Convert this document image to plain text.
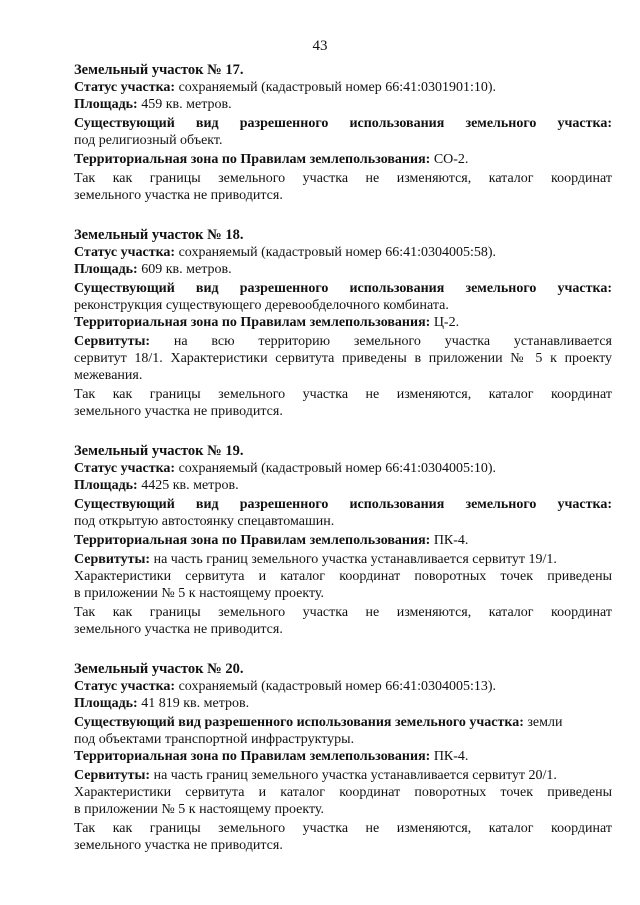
43
Земельный участок № 17.
Статус участка: сохраняемый (кадастровый номер 66:41:0301901:10).
Площадь: 459 кв. метров.
Существующий вид разрешенного использования земельного участка:
под религиозный объект.
Территориальная зона по Правилам землепользования: СО-2.
Так как границы земельного участка не изменяются, каталог координат
земельного участка не приводится.
Земельный участок № 18.
Статус участка: сохраняемый (кадастровый номер 66:41:0304005:58).
Площадь: 609 кв. метров.
Существующий вид разрешенного использования земельного участка:
реконструкция существующего деревообделочного комбината.
Территориальная зона по Правилам землепользования: Ц-2.
Сервитуты: на всю территорию земельного участка устанавливается
сервитут 18/1. Характеристики сервитута приведены в приложении № 5 к проекту
межевания.
Так как границы земельного участка не изменяются, каталог координат
земельного участка не приводится.
Земельный участок № 19.
Статус участка: сохраняемый (кадастровый номер 66:41:0304005:10).
Площадь: 4425 кв. метров.
Существующий вид разрешенного использования земельного участка:
под открытую автостоянку спецавтомашин.
Территориальная зона по Правилам землепользования: ПК-4.
Сервитуты: на часть границ земельного участка устанавливается сервитут 19/1.
Характеристики сервитута и каталог координат поворотных точек приведены
в приложении № 5 к настоящему проекту.
Так как границы земельного участка не изменяются, каталог координат
земельного участка не приводится.
Земельный участок № 20.
Статус участка: сохраняемый (кадастровый номер 66:41:0304005:13).
Площадь: 41 819 кв. метров.
Существующий вид разрешенного использования земельного участка: земли
под объектами транспортной инфраструктуры.
Территориальная зона по Правилам землепользования: ПК-4.
Сервитуты: на часть границ земельного участка устанавливается сервитут 20/1.
Характеристики сервитута и каталог координат поворотных точек приведены
в приложении № 5 к настоящему проекту.
Так как границы земельного участка не изменяются, каталог координат
земельного участка не приводится.
